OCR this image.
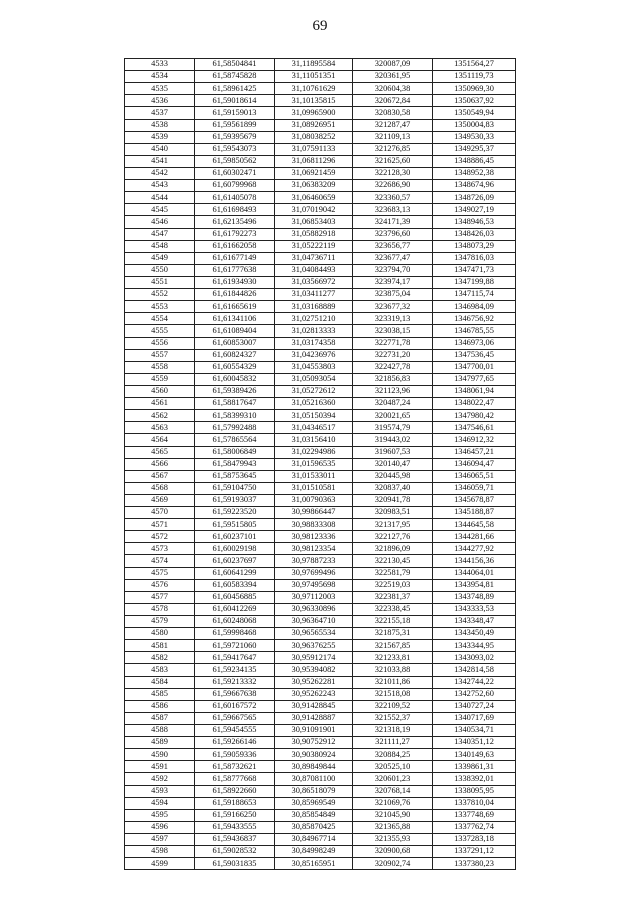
69
4533	61,58504841	31,11895584	320087,09	1351564,27
4534	61,58745828	31,11051351	320361,95	1351119,73
4535	61,58961425	31,10761629	320604,38	1350969,30
4536	61,59018614	31,10135815	320672,84	1350637,92
4537	61,59159013	31,09965900	320830,58	1350549,94
4538	61,59561899	31,08926951	321287,47	1350004,83
4539	61,59395679	31,08038252	321109,13	1349530,33
4540	61,59543073	31,07591133	321276,85	1349295,37
4541	61,59850562	31,06811296	321625,60	1348886,45
4542	61,60302471	31,06921459	322128,30	1348952,38
4543	61,60799968	31,06383209	322686,90	1348674,96
4544	61,61405078	31,06460659	323360,57	1348726,09
4545	61,61698493	31,07019042	323683,13	1349027,19
4546	61,62135496	31,06853403	324171,39	1348946,53
4547	61,61792273	31,05882918	323796,60	1348426,03
4548	61,61662058	31,05222119	323656,77	1348073,29
4549	61,61677149	31,04736711	323677,47	1347816,03
4550	61,61777638	31,04084493	323794,70	1347471,73
4551	61,61934930	31,03566972	323974,17	1347199,88
4552	61,61844826	31,03411277	323875,04	1347115,74
4553	61,61665619	31,03168889	323677,32	1346984,09
4554	61,61341106	31,02751210	323319,13	1346756,92
4555	61,61089404	31,02813333	323038,15	1346785,55
4556	61,60853007	31,03174358	322771,78	1346973,06
4557	61,60824327	31,04236976	322731,20	1347536,45
4558	61,60554329	31,04553803	322427,78	1347700,01
4559	61,60045832	31,05093054	321856,83	1347977,65
4560	61,59389426	31,05272612	321123,96	1348061,94
4561	61,58817647	31,05216360	320487,24	1348022,47
4562	61,58399310	31,05150394	320021,65	1347980,42
4563	61,57992488	31,04346517	319574,79	1347546,61
4564	61,57865564	31,03156410	319443,02	1346912,32
4565	61,58006849	31,02294986	319607,53	1346457,21
4566	61,58479943	31,01596535	320140,47	1346094,47
4567	61,58753645	31,01533011	320445,98	1346065,51
4568	61,59104750	31,01510581	320837,40	1346059,71
4569	61,59193037	31,00790363	320941,78	1345678,87
4570	61,59223520	30,99866447	320983,51	1345188,87
4571	61,59515805	30,98833308	321317,95	1344645,58
4572	61,60237101	30,98123336	322127,76	1344281,66
4573	61,60029198	30,98123354	321896,09	1344277,92
4574	61,60237697	30,97887233	322130,45	1344156,36
4575	61,60641299	30,97699496	322581,79	1344064,01
4576	61,60583394	30,97495698	322519,03	1343954,81
4577	61,60456885	30,97112003	322381,37	1343748,89
4578	61,60412269	30,96330896	322338,45	1343333,53
4579	61,60248068	30,96364710	322155,18	1343348,47
4580	61,59998468	30,96565534	321875,31	1343450,49
4581	61,59721060	30,96376255	321567,85	1343344,95
4582	61,59417647	30,95912174	321233,81	1343093,02
4583	61,59234135	30,95394082	321033,88	1342814,58
4584	61,59213332	30,95262281	321011,86	1342744,22
4585	61,59667638	30,95262243	321518,08	1342752,60
4586	61,60167572	30,91428845	322109,52	1340727,24
4587	61,59667565	30,91428887	321552,37	1340717,69
4588	61,59454555	30,91091901	321318,19	1340534,71
4589	61,59266146	30,90752912	321111,27	1340351,12
4590	61,59059336	30,90380924	320884,25	1340149,63
4591	61,58732621	30,89849844	320525,10	1339861,31
4592	61,58777668	30,87081100	320601,23	1338392,01
4593	61,58922660	30,86518079	320768,14	1338095,95
4594	61,59188653	30,85969549	321069,76	1337810,04
4595	61,59166250	30,85854849	321045,90	1337748,69
4596	61,59433555	30,85870425	321365,88	1337762,74
4597	61,59436837	30,84967714	321355,93	1337283,18
4598	61,59028532	30,84998249	320900,68	1337291,12
4599	61,59031835	30,85165951	320902,74	1337380,23
